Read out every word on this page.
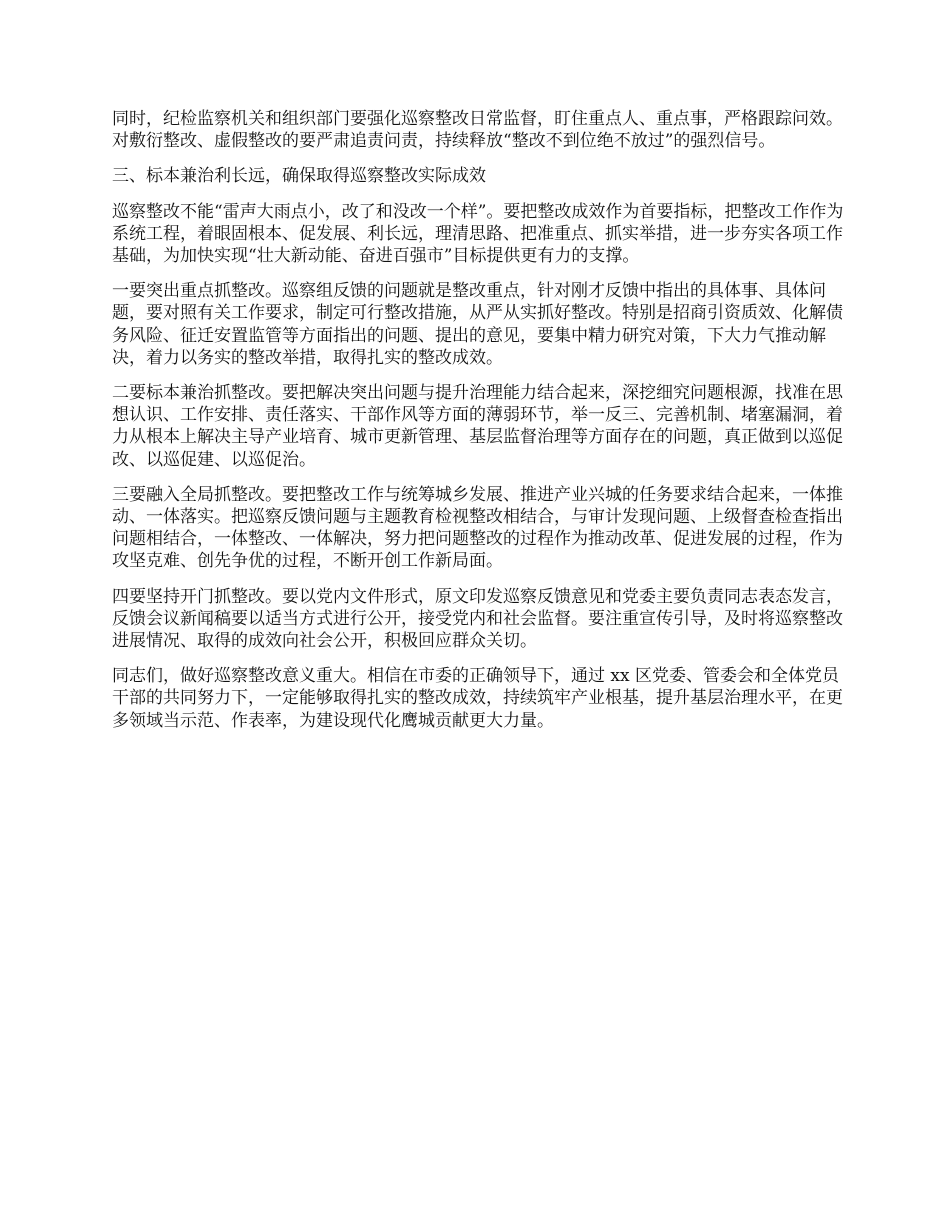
同时，纪检监察机关和组织部门要强化巡察整改日常监督，盯住重点人、重点事，严格跟踪问效。对敷衍整改、虚假整改的要严肃追责问责，持续释放“整改不到位绝不放过”的强烈信号。

三、标本兼治利长远，确保取得巡察整改实际成效

巡察整改不能“雷声大雨点小，改了和没改一个样”。要把整改成效作为首要指标，把整改工作作为系统工程，着眼固根本、促发展、利长远，理清思路、把准重点、抓实举措，进一步夯实各项工作基础，为加快实现“壮大新动能、奋进百强市”目标提供更有力的支撑。

一要突出重点抓整改。巡察组反馈的问题就是整改重点，针对刚才反馈中指出的具体事、具体问题，要对照有关工作要求，制定可行整改措施，从严从实抓好整改。特别是招商引资质效、化解债务风险、征迁安置监管等方面指出的问题、提出的意见，要集中精力研究对策，下大力气推动解决，着力以务实的整改举措，取得扎实的整改成效。

二要标本兼治抓整改。要把解决突出问题与提升治理能力结合起来，深挖细究问题根源，找准在思想认识、工作安排、责任落实、干部作风等方面的薄弱环节，举一反三、完善机制、堵塞漏洞，着力从根本上解决主导产业培育、城市更新管理、基层监督治理等方面存在的问题，真正做到以巡促改、以巡促建、以巡促治。

三要融入全局抓整改。要把整改工作与统筹城乡发展、推进产业兴城的任务要求结合起来，一体推动、一体落实。把巡察反馈问题与主题教育检视整改相结合，与审计发现问题、上级督查检查指出问题相结合，一体整改、一体解决，努力把问题整改的过程作为推动改革、促进发展的过程，作为攻坚克难、创先争优的过程，不断开创工作新局面。

四要坚持开门抓整改。要以党内文件形式，原文印发巡察反馈意见和党委主要负责同志表态发言，反馈会议新闻稿要以适当方式进行公开，接受党内和社会监督。要注重宣传引导，及时将巡察整改进展情况、取得的成效向社会公开，积极回应群众关切。

同志们，做好巡察整改意义重大。相信在市委的正确领导下，通过 xx 区党委、管委会和全体党员干部的共同努力下，一定能够取得扎实的整改成效，持续筑牢产业根基，提升基层治理水平，在更多领域当示范、作表率，为建设现代化鹰城贡献更大力量。
